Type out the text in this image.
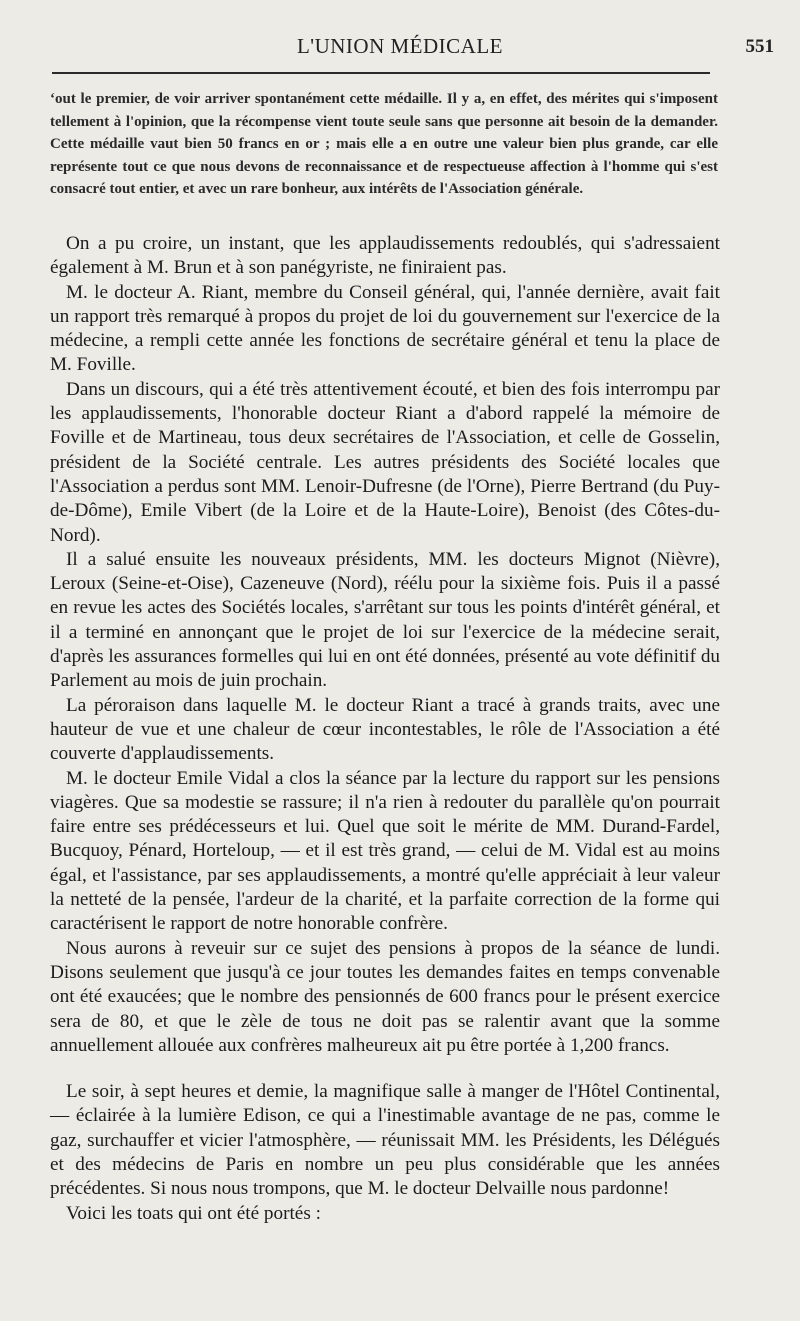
L'UNION MÉDICALE	551

ʻout le premier, de voir arriver spontanément cette médaille. Il y a, en effet, des mérites qui s'imposent tellement à l'opinion, que la récompense vient toute seule sans que personne ait besoin de la demander. Cette médaille vaut bien 50 francs en or ; mais elle a en outre une valeur bien plus grande, car elle représente tout ce que nous devons de reconnaissance et de respectueuse affection à l'homme qui s'est consacré tout entier, et avec un rare bonheur, aux intérêts de l'Association générale.

On a pu croire, un instant, que les applaudissements redoublés, qui s'adressaient également à M. Brun et à son panégyriste, ne finiraient pas.

M. le docteur A. Riant, membre du Conseil général, qui, l'année dernière, avait fait un rapport très remarqué à propos du projet de loi du gouvernement sur l'exercice de la médecine, a rempli cette année les fonctions de secrétaire général et tenu la place de M. Foville.

Dans un discours, qui a été très attentivement écouté, et bien des fois interrompu par les applaudissements, l'honorable docteur Riant a d'abord rappelé la mémoire de Foville et de Martineau, tous deux secrétaires de l'Association, et celle de Gosselin, président de la Société centrale. Les autres présidents des Société locales que l'Association a perdus sont MM. Lenoir-Dufresne (de l'Orne), Pierre Bertrand (du Puy-de-Dôme), Emile Vibert (de la Loire et de la Haute-Loire), Benoist (des Côtes-du-Nord).

Il a salué ensuite les nouveaux présidents, MM. les docteurs Mignot (Nièvre), Leroux (Seine-et-Oise), Cazeneuve (Nord), réélu pour la sixième fois. Puis il a passé en revue les actes des Sociétés locales, s'arrêtant sur tous les points d'intérêt général, et il a terminé en annonçant que le projet de loi sur l'exercice de la médecine serait, d'après les assurances formelles qui lui en ont été données, présenté au vote définitif du Parlement au mois de juin prochain.

La péroraison dans laquelle M. le docteur Riant a tracé à grands traits, avec une hauteur de vue et une chaleur de cœur incontestables, le rôle de l'Association a été couverte d'applaudissements.

M. le docteur Emile Vidal a clos la séance par la lecture du rapport sur les pensions viagères. Que sa modestie se rassure; il n'a rien à redouter du parallèle qu'on pourrait faire entre ses prédécesseurs et lui. Quel que soit le mérite de MM. Durand-Fardel, Bucquoy, Pénard, Horteloup, — et il est très grand, — celui de M. Vidal est au moins égal, et l'assistance, par ses applaudissements, a montré qu'elle appréciait à leur valeur la netteté de la pensée, l'ardeur de la charité, et la parfaite correction de la forme qui caractérisent le rapport de notre honorable confrère.

Nous aurons à reveuir sur ce sujet des pensions à propos de la séance de lundi. Disons seulement que jusqu'à ce jour toutes les demandes faites en temps convenable ont été exaucées; que le nombre des pensionnés de 600 francs pour le présent exercice sera de 80, et que le zèle de tous ne doit pas se ralentir avant que la somme annuellement allouée aux confrères malheureux ait pu être portée à 1,200 francs.

Le soir, à sept heures et demie, la magnifique salle à manger de l'Hôtel Continental, — éclairée à la lumière Edison, ce qui a l'inestimable avantage de ne pas, comme le gaz, surchauffer et vicier l'atmosphère, — réunissait MM. les Présidents, les Délégués et des médecins de Paris en nombre un peu plus considérable que les années précédentes. Si nous nous trompons, que M. le docteur Delvaille nous pardonne!

Voici les toats qui ont été portés :
